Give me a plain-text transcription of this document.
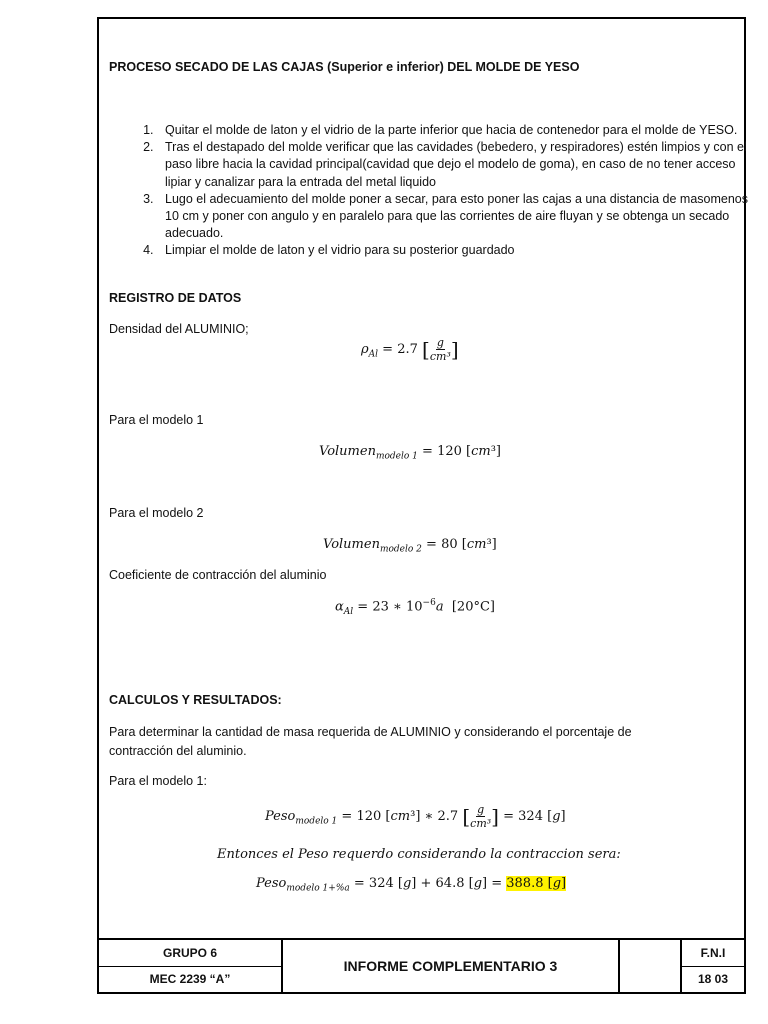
PROCESO SECADO DE LAS CAJAS (Superior e inferior) DEL MOLDE DE YESO
1. Quitar el molde de laton y el vidrio de la parte inferior que hacia de contenedor para el molde de YESO.
2. Tras el destapado del molde verificar que las cavidades (bebedero, y respiradores) estén limpios y con el paso libre hacia la cavidad principal(cavidad que dejo el modelo de goma), en caso de no tener acceso lipiar y canalizar para la entrada del metal liquido
3. Lugo el adecuamiento del molde poner a secar, para esto poner las cajas a una distancia de masomenos 10 cm y poner con angulo y en paralelo para que las corrientes de aire fluyan y se obtenga un secado adecuado.
4. Limpiar el molde de laton y el vidrio para su posterior guardado
REGISTRO DE DATOS
Densidad del ALUMINIO;
$\rho_{Al} = 2.7$ [ $\frac{g}{\text{cm³}}$ ]
Para el modelo 1
Volumen$_{modelo 1}$ = 120 [cm³]
Para el modelo 2
Volumen$_{modelo 2}$ = 80 [cm³]
Coeficiente de contracción del aluminio
$\alpha_{Al} = 23$ ∗ $10^{-6}a$  [20°C]
CALCULOS Y RESULTADOS:
Para determinar la cantidad de masa requerida de ALUMINIO y considerando el porcentaje de contracción del aluminio.
Para el modelo 1:
Peso$_{modelo 1}$ = 120 [cm³] ∗ 2.7 [ $\frac{g}{\text{cm³}}$ ] = 324 [g]
Entonces el Peso requerdo considerando la contraccion sera:
Peso$_{modelo 1+\%a}$ = 324 [g] + 64.8 [g] = 388.8 [g]
GRUPO 6
MEC 2239 “A”
INFORME COMPLEMENTARIO 3
F.N.I
18 03
